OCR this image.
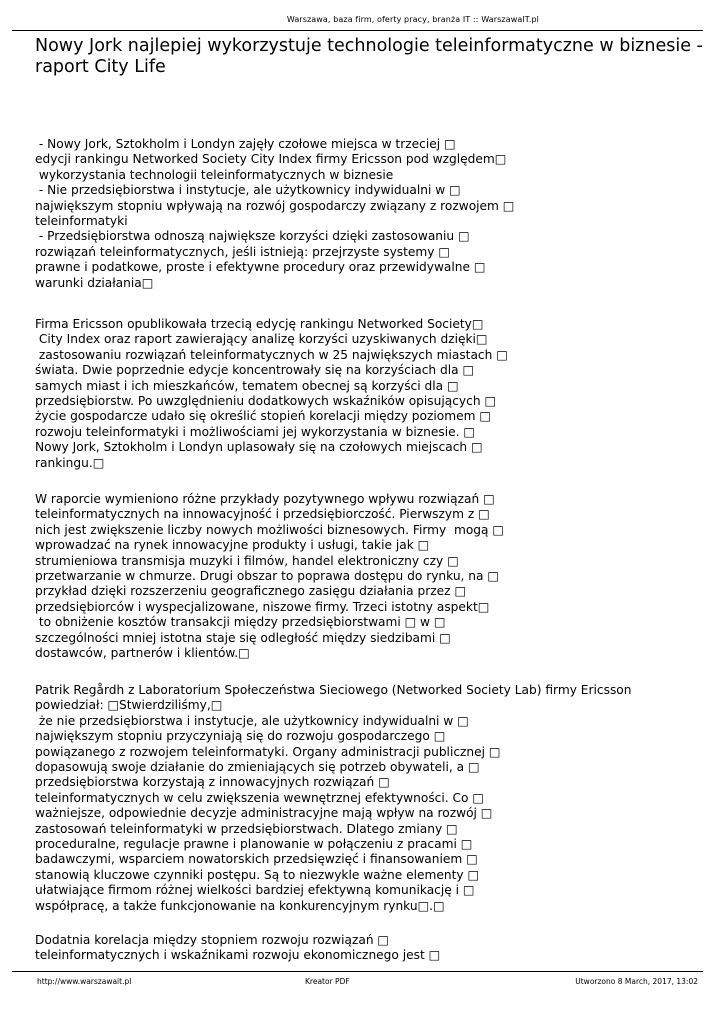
Warszawa, baza firm, oferty pracy, branża IT :: WarszawaIT.pl
Nowy Jork najlepiej wykorzystuje technologie teleinformatyczne w biznesie - raport City Life
- Nowy Jork, Sztokholm i Londyn zajęły czołowe miejsca w trzeciej □
edycji rankingu Networked Society City Index firmy Ericsson pod względem□
wykorzystania technologii teleinformatycznych w biznesie
- Nie przedsiębiorstwa i instytucje, ale użytkownicy indywidualni w □
największym stopniu wpływają na rozwój gospodarczy związany z rozwojem □
teleinformatyki
- Przedsiębiorstwa odnoszą największe korzyści dzięki zastosowaniu □
rozwiązań teleinformatycznych, jeśli istnieją: przejrzyste systemy □
prawne i podatkowe, proste i efektywne procedury oraz przewidywalne □
warunki działania□
Firma Ericsson opublikowała trzecią edycję rankingu Networked Society□
City Index oraz raport zawierający analizę korzyści uzyskiwanych dzięki□
zastosowaniu rozwiązań teleinformatycznych w 25 największych miastach □
świata. Dwie poprzednie edycje koncentrowały się na korzyściach dla □
samych miast i ich mieszkańców, tematem obecnej są korzyści dla □
przedsiębiorstw. Po uwzględnieniu dodatkowych wskaźników opisujących □
życie gospodarcze udało się określić stopień korelacji między poziomem □
rozwoju teleinformatyki i możliwościami jej wykorzystania w biznesie. □
Nowy Jork, Sztokholm i Londyn uplasowały się na czołowych miejscach □
rankingu.□
W raporcie wymieniono różne przykłady pozytywnego wpływu rozwiązań □
teleinformatycznych na innowacyjność i przedsiębiorczość. Pierwszym z □
nich jest zwiększenie liczby nowych możliwości biznesowych. Firmy  mogą □
wprowadzać na rynek innowacyjne produkty i usługi, takie jak □
strumieniowa transmisja muzyki i filmów, handel elektroniczny czy □
przetwarzanie w chmurze. Drugi obszar to poprawa dostępu do rynku, na □
przykład dzięki rozszerzeniu geograficznego zasięgu działania przez □
przedsiębiorców i wyspecjalizowane, niszowe firmy. Trzeci istotny aspekt□
to obniżenie kosztów transakcji między przedsiębiorstwami □ w □
szczególności mniej istotna staje się odległość między siedzibami □
dostawców, partnerów i klientów.□
Patrik Regårdh z Laboratorium Społeczeństwa Sieciowego (Networked Society Lab) firmy Ericsson
powiedział: □Stwierdziliśmy,□
że nie przedsiębiorstwa i instytucje, ale użytkownicy indywidualni w □
największym stopniu przyczyniają się do rozwoju gospodarczego □
powiązanego z rozwojem teleinformatyki. Organy administracji publicznej □
dopasowują swoje działanie do zmieniających się potrzeb obywateli, a □
przedsiębiorstwa korzystają z innowacyjnych rozwiązań □
teleinformatycznych w celu zwiększenia wewnętrznej efektywności. Co □
ważniejsze, odpowiednie decyzje administracyjne mają wpływ na rozwój □
zastosowań teleinformatyki w przedsiębiorstwach. Dlatego zmiany □
proceduralne, regulacje prawne i planowanie w połączeniu z pracami □
badawczymi, wsparciem nowatorskich przedsięwzięć i finansowaniem □
stanowią kluczowe czynniki postępu. Są to niezwykle ważne elementy □
ułatwiające firmom różnej wielkości bardziej efektywną komunikację i □
współpracę, a także funkcjonowanie na konkurencyjnym rynku□.□
Dodatnia korelacja między stopniem rozwoju rozwiązań □
teleinformatycznych i wskaźnikami rozwoju ekonomicznego jest □
http://www.warszawait.pl	Kreator PDF	Utworzono 8 March, 2017, 13:02
